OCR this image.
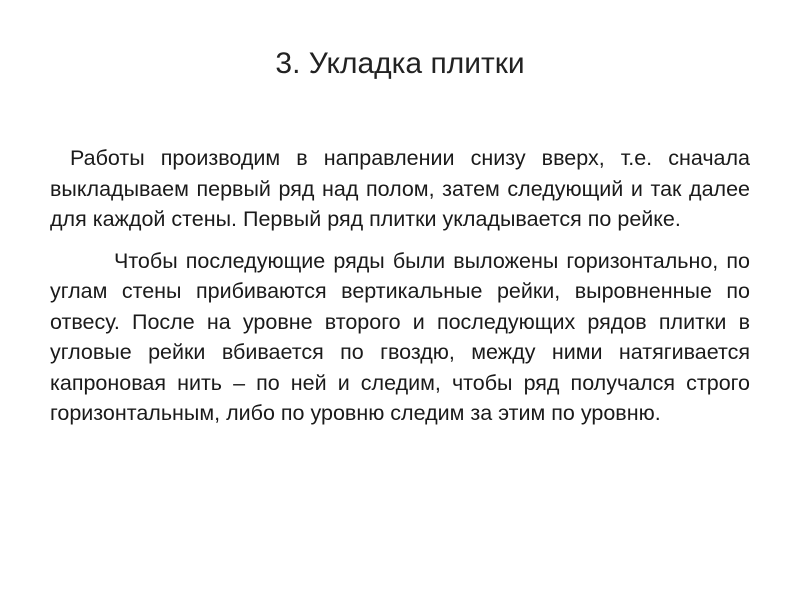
3. Укладка плитки

Работы производим в направлении снизу вверх, т.е. сначала выкладываем первый ряд над полом, затем следующий и так далее для каждой стены. Первый ряд плитки укладывается по рейке.

Чтобы последующие ряды были выложены горизонтально, по углам стены прибиваются вертикальные рейки, выровненные по отвесу. После на уровне второго и последующих рядов плитки в угловые рейки вбивается по гвоздю, между ними натягивается капроновая нить – по ней и следим, чтобы ряд получался строго горизонтальным, либо по уровню следим за этим по уровню.
